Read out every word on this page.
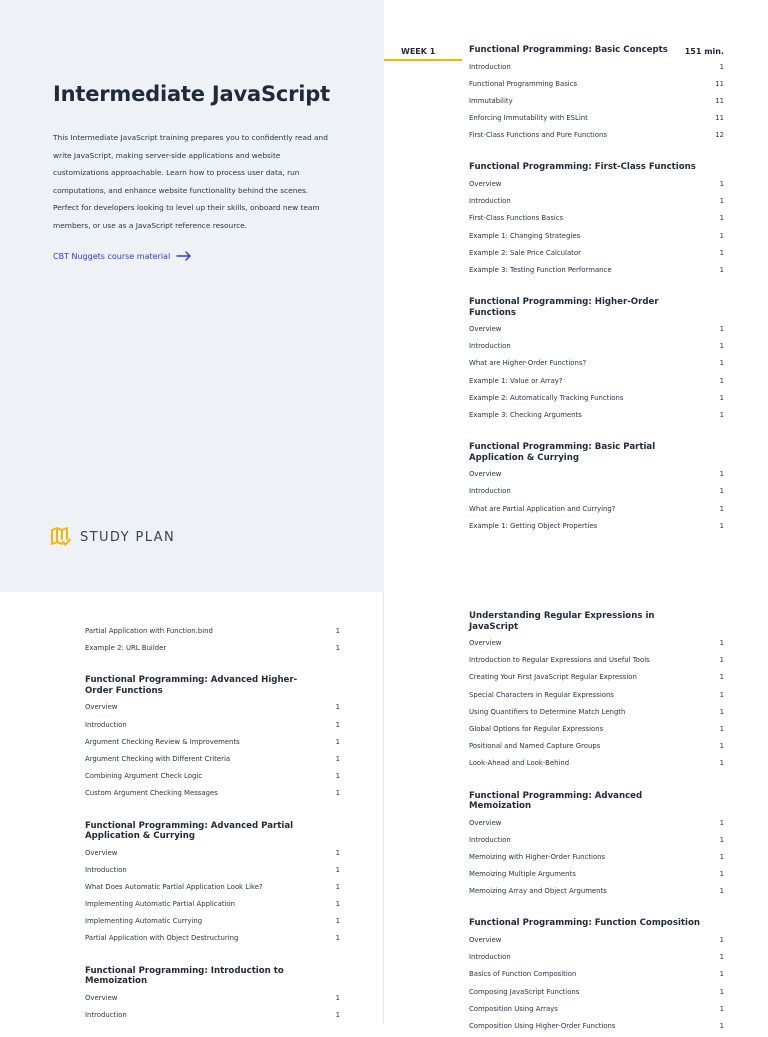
Intermediate JavaScript

This Intermediate JavaScript training prepares you to confidently read and write JavaScript, making server-side applications and website customizations approachable. Learn how to process user data, run computations, and enhance website functionality behind the scenes. Perfect for developers looking to level up their skills, onboard new team members, or use as a JavaScript reference resource.

CBT Nuggets course material
STUDY PLAN
WEEK 1	151 min.
Functional Programming: Basic Concepts
Introduction	1
Functional Programming Basics	11
Immutability	11
Enforcing Immutability with ESLint	11
First-Class Functions and Pure Functions	12
Functional Programming: First-Class Functions
Overview	1
Introduction	1
First-Class Functions Basics	1
Example 1: Changing Strategies	1
Example 2: Sale Price Calculator	1
Example 3: Testing Function Performance	1
Functional Programming: Higher-Order Functions
Overview	1
Introduction	1
What are Higher-Order Functions?	1
Example 1: Value or Array?	1
Example 2: Automatically Tracking Functions	1
Example 3: Checking Arguments	1
Functional Programming: Basic Partial Application & Currying
Overview	1
Introduction	1
What are Partial Application and Currying?	1
Example 1: Getting Object Properties	1
Partial Application with Function.bind	1
Example 2: URL Builder	1
Functional Programming: Advanced Higher-Order Functions
Overview	1
Introduction	1
Argument Checking Review & Improvements	1
Argument Checking with Different Criteria	1
Combining Argument Check Logic	1
Custom Argument Checking Messages	1
Functional Programming: Advanced Partial Application & Currying
Overview	1
Introduction	1
What Does Automatic Partial Application Look Like?	1
Implementing Automatic Partial Application	1
Implementing Automatic Currying	1
Partial Application with Object Destructuring	1
Functional Programming: Introduction to Memoization
Overview	1
Introduction	1
Understanding Regular Expressions in JavaScript
Overview	1
Introduction to Regular Expressions and Useful Tools	1
Creating Your First JavaScript Regular Expression	1
Special Characters in Regular Expressions	1
Using Quantifiers to Determine Match Length	1
Global Options for Regular Expressions	1
Positional and Named Capture Groups	1
Look-Ahead and Look-Behind	1
Functional Programming: Advanced Memoization
Overview	1
Introduction	1
Memoizing with Higher-Order Functions	1
Memoizing Multiple Arguments	1
Memoizing Array and Object Arguments	1
Functional Programming: Function Composition
Overview	1
Introduction	1
Basics of Function Composition	1
Composing JavaScript Functions	1
Composition Using Arrays	1
Composition Using Higher-Order Functions	1
